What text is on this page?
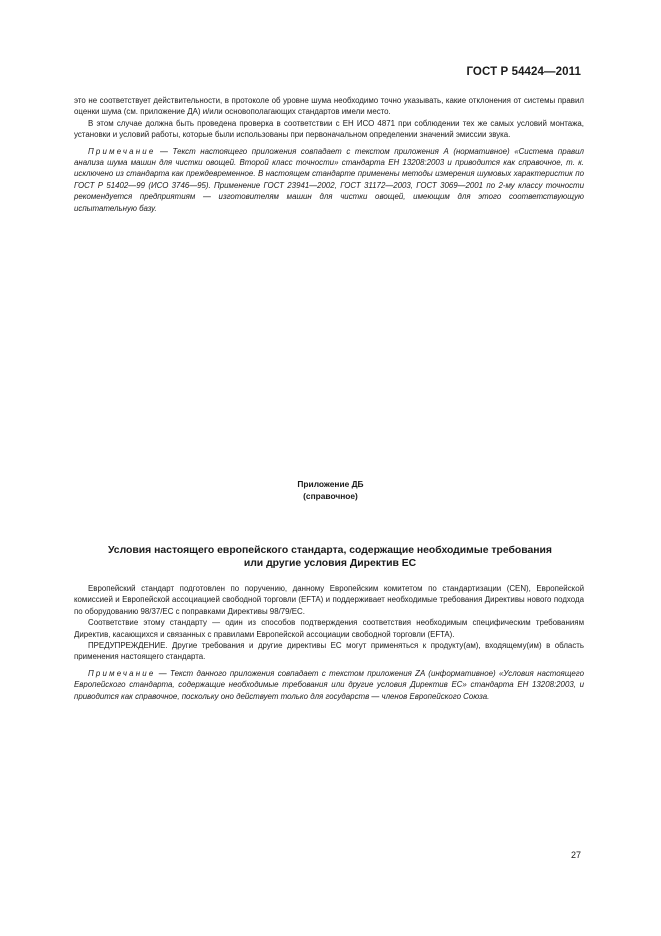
ГОСТ Р 54424—2011

это не соответствует действительности, в протоколе об уровне шума необходимо точно указывать, какие отклонения от системы правил оценки шума (см. приложение ДА) и/или основополагающих стандартов имели место.

В этом случае должна быть проведена проверка в соответствии с ЕН ИСО 4871 при соблюдении тех же самых условий монтажа, установки и условий работы, которые были использованы при первоначальном определении значений эмиссии звука.

Примечание — Текст настоящего приложения совпадает с текстом приложения А (нормативное) «Система правил анализа шума машин для чистки овощей. Второй класс точности» стандарта ЕН 13208:2003 и приводится как справочное, т. к. исключено из стандарта как преждевременное. В настоящем стандарте применены методы измерения шумовых характеристик по ГОСТ Р 51402—99 (ИСО 3746—95). Применение ГОСТ 23941—2002, ГОСТ 31172—2003, ГОСТ 3069—2001 по 2-му классу точности рекомендуется предприятиям — изготовителям машин для чистки овощей, имеющим для этого соответствующую испытательную базу.

Приложение ДБ
(справочное)
Условия настоящего европейского стандарта, содержащие необходимые требования
или другие условия Директив ЕС

Европейский стандарт подготовлен по поручению, данному Европейским комитетом по стандартизации (CEN), Европейской комиссией и Европейской ассоциацией свободной торговли (EFTA) и поддерживает необходимые требования Директивы нового подхода по оборудованию 98/37/ЕС с поправками Директивы 98/79/ЕС.

Соответствие этому стандарту — один из способов подтверждения соответствия необходимым специфическим требованиям Директив, касающихся и связанных с правилами Европейской ассоциации свободной торговли (EFTA).

ПРЕДУПРЕЖДЕНИЕ. Другие требования и другие директивы ЕС могут применяться к продукту(ам), входящему(им) в область применения настоящего стандарта.

Примечание — Текст данного приложения совпадает с текстом приложения ZA (информативное) «Условия настоящего Европейского стандарта, содержащие необходимые требования или другие условия Директив ЕС» стандарта ЕН 13208:2003, и приводится как справочное, поскольку оно действует только для государств — членов Европейского Союза.

27
